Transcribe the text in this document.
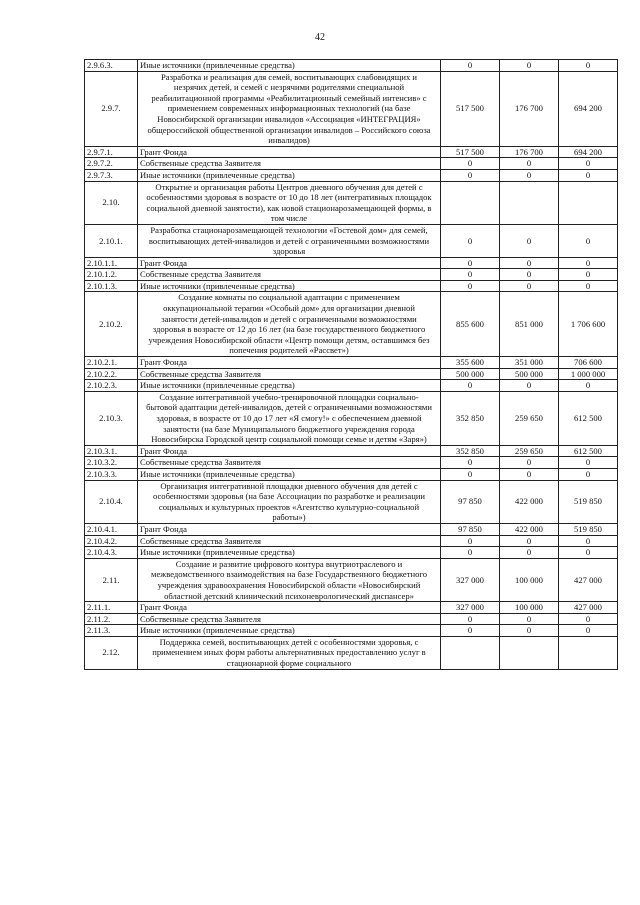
42
2.9.6.3.	Иные источники (привлеченные средства)	0	0	0
2.9.7.	Разработка и реализация для семей, воспитывающих слабовидящих и незрячих детей, и семей с незрячими родителями специальной реабилитационной программы «Реабилитационный семейный интенсив» с применением современных информационных технологий (на базе Новосибирской организации инвалидов «Ассоциация «ИНТЕГРАЦИЯ» общероссийской общественной организации инвалидов – Российского союза инвалидов)	517 500	176 700	694 200
2.9.7.1.	Грант Фонда	517 500	176 700	694 200
2.9.7.2.	Собственные средства Заявителя	0	0	0
2.9.7.3.	Иные источники (привлеченные средства)	0	0	0
2.10.	Открытие и организация работы Центров дневного обучения для детей с особенностями здоровья в возрасте от 10 до 18 лет (интегративных площадок социальной дневной занятости), как новой стационарозамещающей формы, в том числе			
2.10.1.	Разработка стационарозамещающей технологии «Гостевой дом» для семей, воспитывающих детей-инвалидов и детей с ограниченными возможностями здоровья	0	0	0
2.10.1.1.	Грант Фонда	0	0	0
2.10.1.2.	Собственные средства Заявителя	0	0	0
2.10.1.3.	Иные источники (привлеченные средства)	0	0	0
2.10.2.	Создание комнаты по социальной адаптации с применением оккупациональной терапии «Особый дом» для организации дневной занятости детей-инвалидов и детей с ограниченными возможностями здоровья в возрасте от 12 до 16 лет (на базе государственного бюджетного учреждения Новосибирской области «Центр помощи детям, оставшимся без попечения родителей «Рассвет»)	855 600	851 000	1 706 600
2.10.2.1.	Грант Фонда	355 600	351 000	706 600
2.10.2.2.	Собственные средства Заявителя	500 000	500 000	1 000 000
2.10.2.3.	Иные источники (привлеченные средства)	0	0	0
2.10.3.	Создание интегративной учебно-тренировочной площадки социально-бытовой адаптации детей-инвалидов, детей с ограниченными возможностями здоровья, в возрасте от 10 до 17 лет «Я смогу!» с обеспечением дневной занятости (на базе Муниципального бюджетного учреждения города Новосибирска Городской центр социальной помощи семье и детям «Заря»)	352 850	259 650	612 500
2.10.3.1.	Грант Фонда	352 850	259 650	612 500
2.10.3.2.	Собственные средства Заявителя	0	0	0
2.10.3.3.	Иные источники (привлеченные средства)	0	0	0
2.10.4.	Организация интегративной площадки дневного обучения для детей с особенностями здоровья (на базе Ассоциации по разработке и реализации социальных и культурных проектов «Агентство культурно-социальной работы»)	97 850	422 000	519 850
2.10.4.1.	Грант Фонда	97 850	422 000	519 850
2.10.4.2.	Собственные средства Заявителя	0	0	0
2.10.4.3.	Иные источники (привлеченные средства)	0	0	0
2.11.	Создание и развитие цифрового контура внутриотраслевого и межведомственного взаимодействия на базе Государственного бюджетного учреждения здравоохранения Новосибирской области «Новосибирский областной детский клинический психоневрологический диспансер»	327 000	100 000	427 000
2.11.1.	Грант Фонда	327 000	100 000	427 000
2.11.2.	Собственные средства Заявителя	0	0	0
2.11.3.	Иные источники (привлеченные средства)	0	0	0
2.12.	Поддержка семей, воспитывающих детей с особенностями здоровья, с применением иных форм работы альтернативных предоставлению услуг в стационарной форме социального			
